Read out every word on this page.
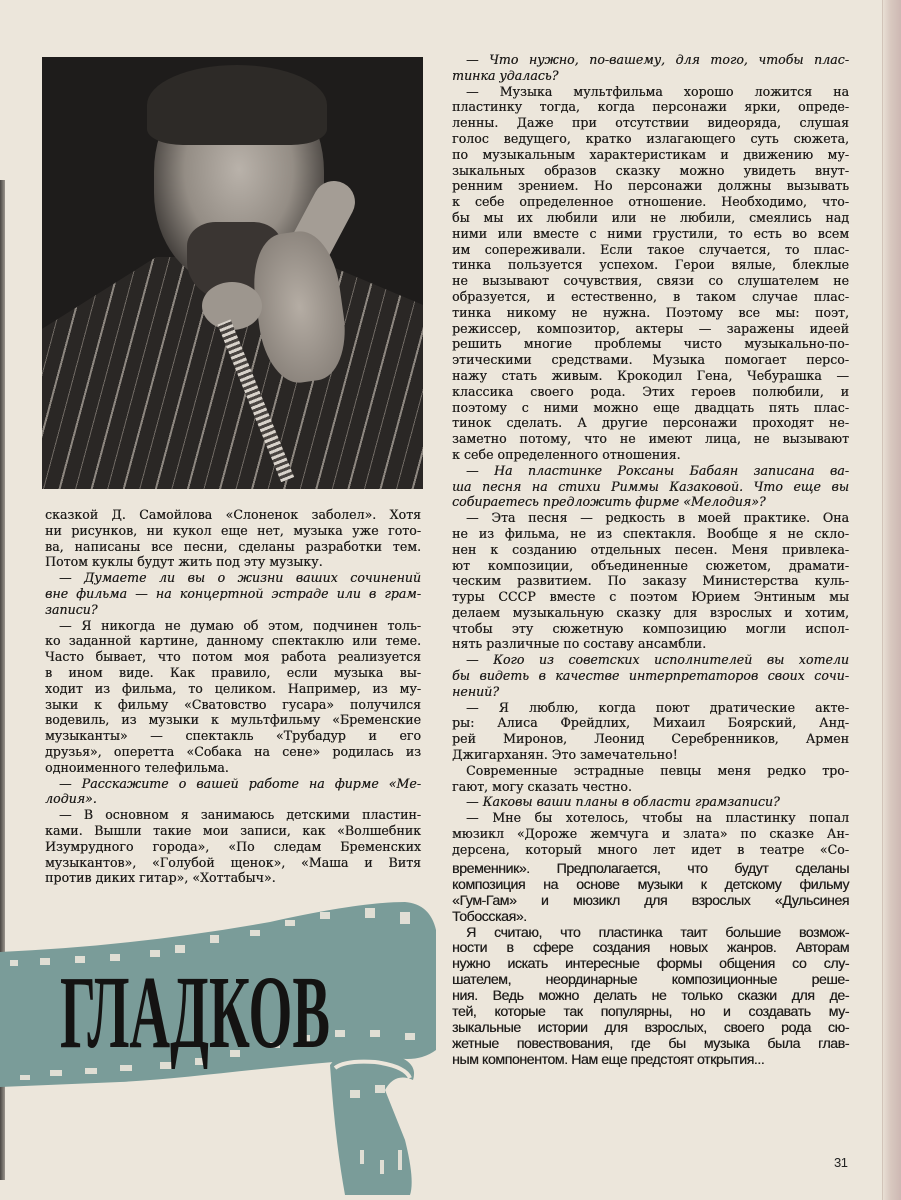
сказкой Д. Самойлова «Слоненок заболел». Хотя
ни рисунков, ни кукол еще нет, музыка уже гото-
ва, написаны все песни, сделаны разработки тем.
Потом куклы будут жить под эту музыку.
— Думаете ли вы о жизни ваших сочинений
вне фильма — на концертной эстраде или в грам-
записи?
— Я никогда не думаю об этом, подчинен толь-
ко заданной картине, данному спектаклю или теме.
Часто бывает, что потом моя работа реализуется
в ином виде. Как правило, если музыка вы-
ходит из фильма, то целиком. Например, из му-
зыки к фильму «Сватовство гусара» получился
водевиль, из музыки к мультфильму «Бременские
музыканты» — спектакль «Трубадур и его
друзья», оперетта «Собака на сене» родилась из
одноименного телефильма.
— Расскажите о вашей работе на фирме «Ме-
лодия».
— В основном я занимаюсь детскими пластин-
ками. Вышли такие мои записи, как «Волшебник
Изумрудного города», «По следам Бременских
музыкантов», «Голубой щенок», «Маша и Витя
против диких гитар», «Хоттабыч».
— Что нужно, по-вашему, для того, чтобы плас-
тинка удалась?
— Музыка мультфильма хорошо ложится на
пластинку тогда, когда персонажи ярки, опреде-
ленны. Даже при отсутствии видеоряда, слушая
голос ведущего, кратко излагающего суть сюжета,
по музыкальным характеристикам и движению му-
зыкальных образов сказку можно увидеть внут-
ренним зрением. Но персонажи должны вызывать
к себе определенное отношение. Необходимо, что-
бы мы их любили или не любили, смеялись над
ними или вместе с ними грустили, то есть во всем
им сопереживали. Если такое случается, то плас-
тинка пользуется успехом. Герои вялые, блеклые
не вызывают сочувствия, связи со слушателем не
образуется, и естественно, в таком случае плас-
тинка никому не нужна. Поэтому все мы: поэт,
режиссер, композитор, актеры — заражены идеей
решить многие проблемы чисто музыкально-по-
этическими средствами. Музыка помогает персо-
нажу стать живым. Крокодил Гена, Чебурашка —
классика своего рода. Этих героев полюбили, и
поэтому с ними можно еще двадцать пять плас-
тинок сделать. А другие персонажи проходят не-
заметно потому, что не имеют лица, не вызывают
к себе определенного отношения.
— На пластинке Роксаны Бабаян записана ва-
ша песня на стихи Риммы Казаковой. Что еще вы
собираетесь предложить фирме «Мелодия»?
— Эта песня — редкость в моей практике. Она
не из фильма, не из спектакля. Вообще я не скло-
нен к созданию отдельных песен. Меня привлека-
ют композиции, объединенные сюжетом, драмати-
ческим развитием. По заказу Министерства куль-
туры СССР вместе с поэтом Юрием Энтиным мы
делаем музыкальную сказку для взрослых и хотим,
чтобы эту сюжетную композицию могли испол-
нять различные по составу ансамбли.
— Кого из советских исполнителей вы хотели
бы видеть в качестве интерпретаторов своих сочи-
нений?
— Я люблю, когда поют дратические акте-
ры: Алиса Фрейдлих, Михаил Боярский, Анд-
рей Миронов, Леонид Серебренников, Армен
Джигарханян. Это замечательно!
Современные эстрадные певцы меня редко тро-
гают, могу сказать честно.
— Каковы ваши планы в области грамзаписи?
— Мне бы хотелось, чтобы на пластинку попал
мюзикл «Дороже жемчуга и злата» по сказке Ан-
дерсена, который много лет идет в театре «Со-
временник». Предполагается, что будут сделаны
композиция на основе музыки к детскому фильму
«Гум-Гам» и мюзикл для взрослых «Дульсинея
Тобосская».
Я считаю, что пластинка таит большие возмож-
ности в сфере создания новых жанров. Авторам
нужно искать интересные формы общения со слу-
шателем, неординарные композиционные реше-
ния. Ведь можно делать не только сказки для де-
тей, которые так популярны, но и создавать му-
зыкальные истории для взрослых, своего рода сю-
жетные повествования, где бы музыка была глав-
ным компонентом. Нам еще предстоят открытия...
ГЛАДКОВ
31
